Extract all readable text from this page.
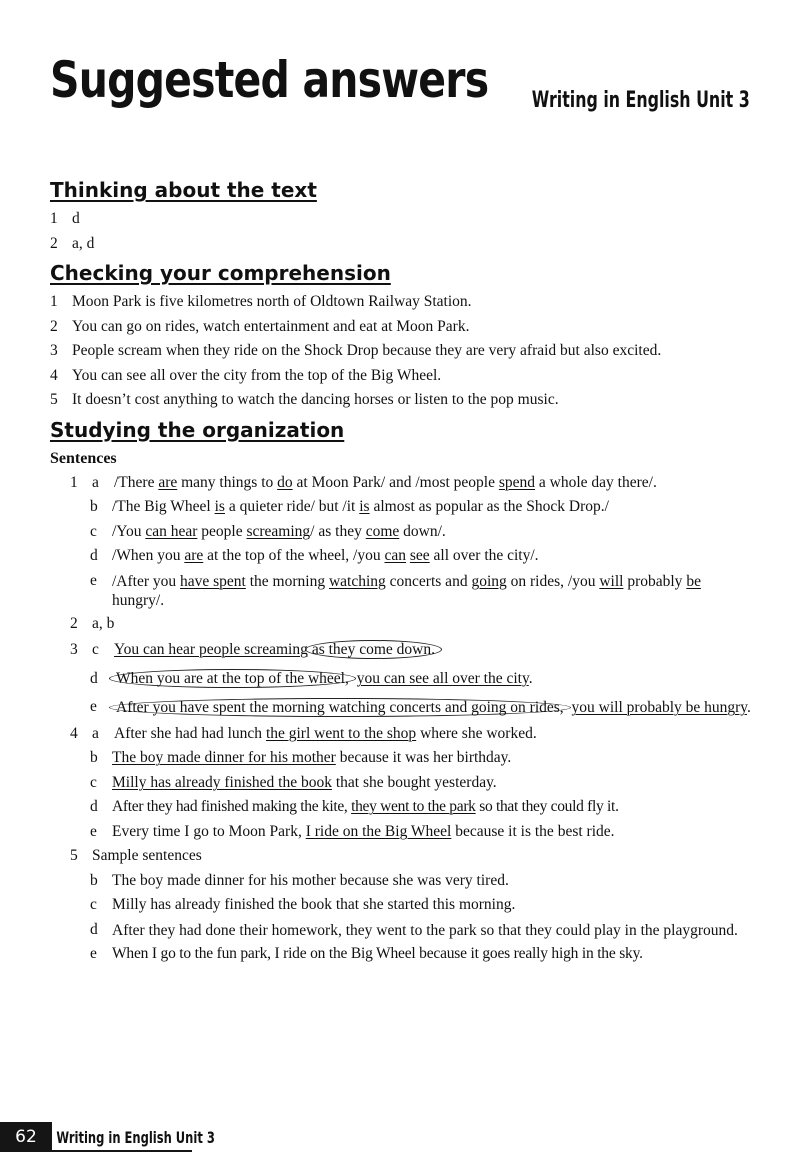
Suggested answers Writing in English Unit 3
Thinking about the text
1 d
2 a, d
Checking your comprehension
1 Moon Park is five kilometres north of Oldtown Railway Station.
2 You can go on rides, watch entertainment and eat at Moon Park.
3 People scream when they ride on the Shock Drop because they are very afraid but also excited.
4 You can see all over the city from the top of the Big Wheel.
5 It doesn’t cost anything to watch the dancing horses or listen to the pop music.
Studying the organization
Sentences
1 a /There are many things to do at Moon Park/ and /most people spend a whole day there/.
b /The Big Wheel is a quieter ride/ but /it is almost as popular as the Shock Drop./
c /You can hear people screaming/ as they come down/.
d /When you are at the top of the wheel, /you can see all over the city/.
e /After you have spent the morning watching concerts and going on rides, /you will probably be hungry/.
2 a, b
3 c You can hear people screaming as they come down.
d	When you are at the top of the wheel, you can see all over the city.
e	After you have spent the morning watching concerts and going on rides, you will probably be hungry.
4 a After she had had lunch the girl went to the shop where she worked.
b The boy made dinner for his mother because it was her birthday.
c Milly has already finished the book that she bought yesterday.
d After they had finished making the kite, they went to the park so that they could fly it.
e Every time I go to Moon Park, I ride on the Big Wheel because it is the best ride.
5 Sample sentences
b The boy made dinner for his mother because she was very tired.
c Milly has already finished the book that she started this morning.
d After they had done their homework, they went to the park so that they could play in the playground.
e When I go to the fun park, I ride on the Big Wheel because it goes really high in the sky.
62	Writing in English Unit 3
